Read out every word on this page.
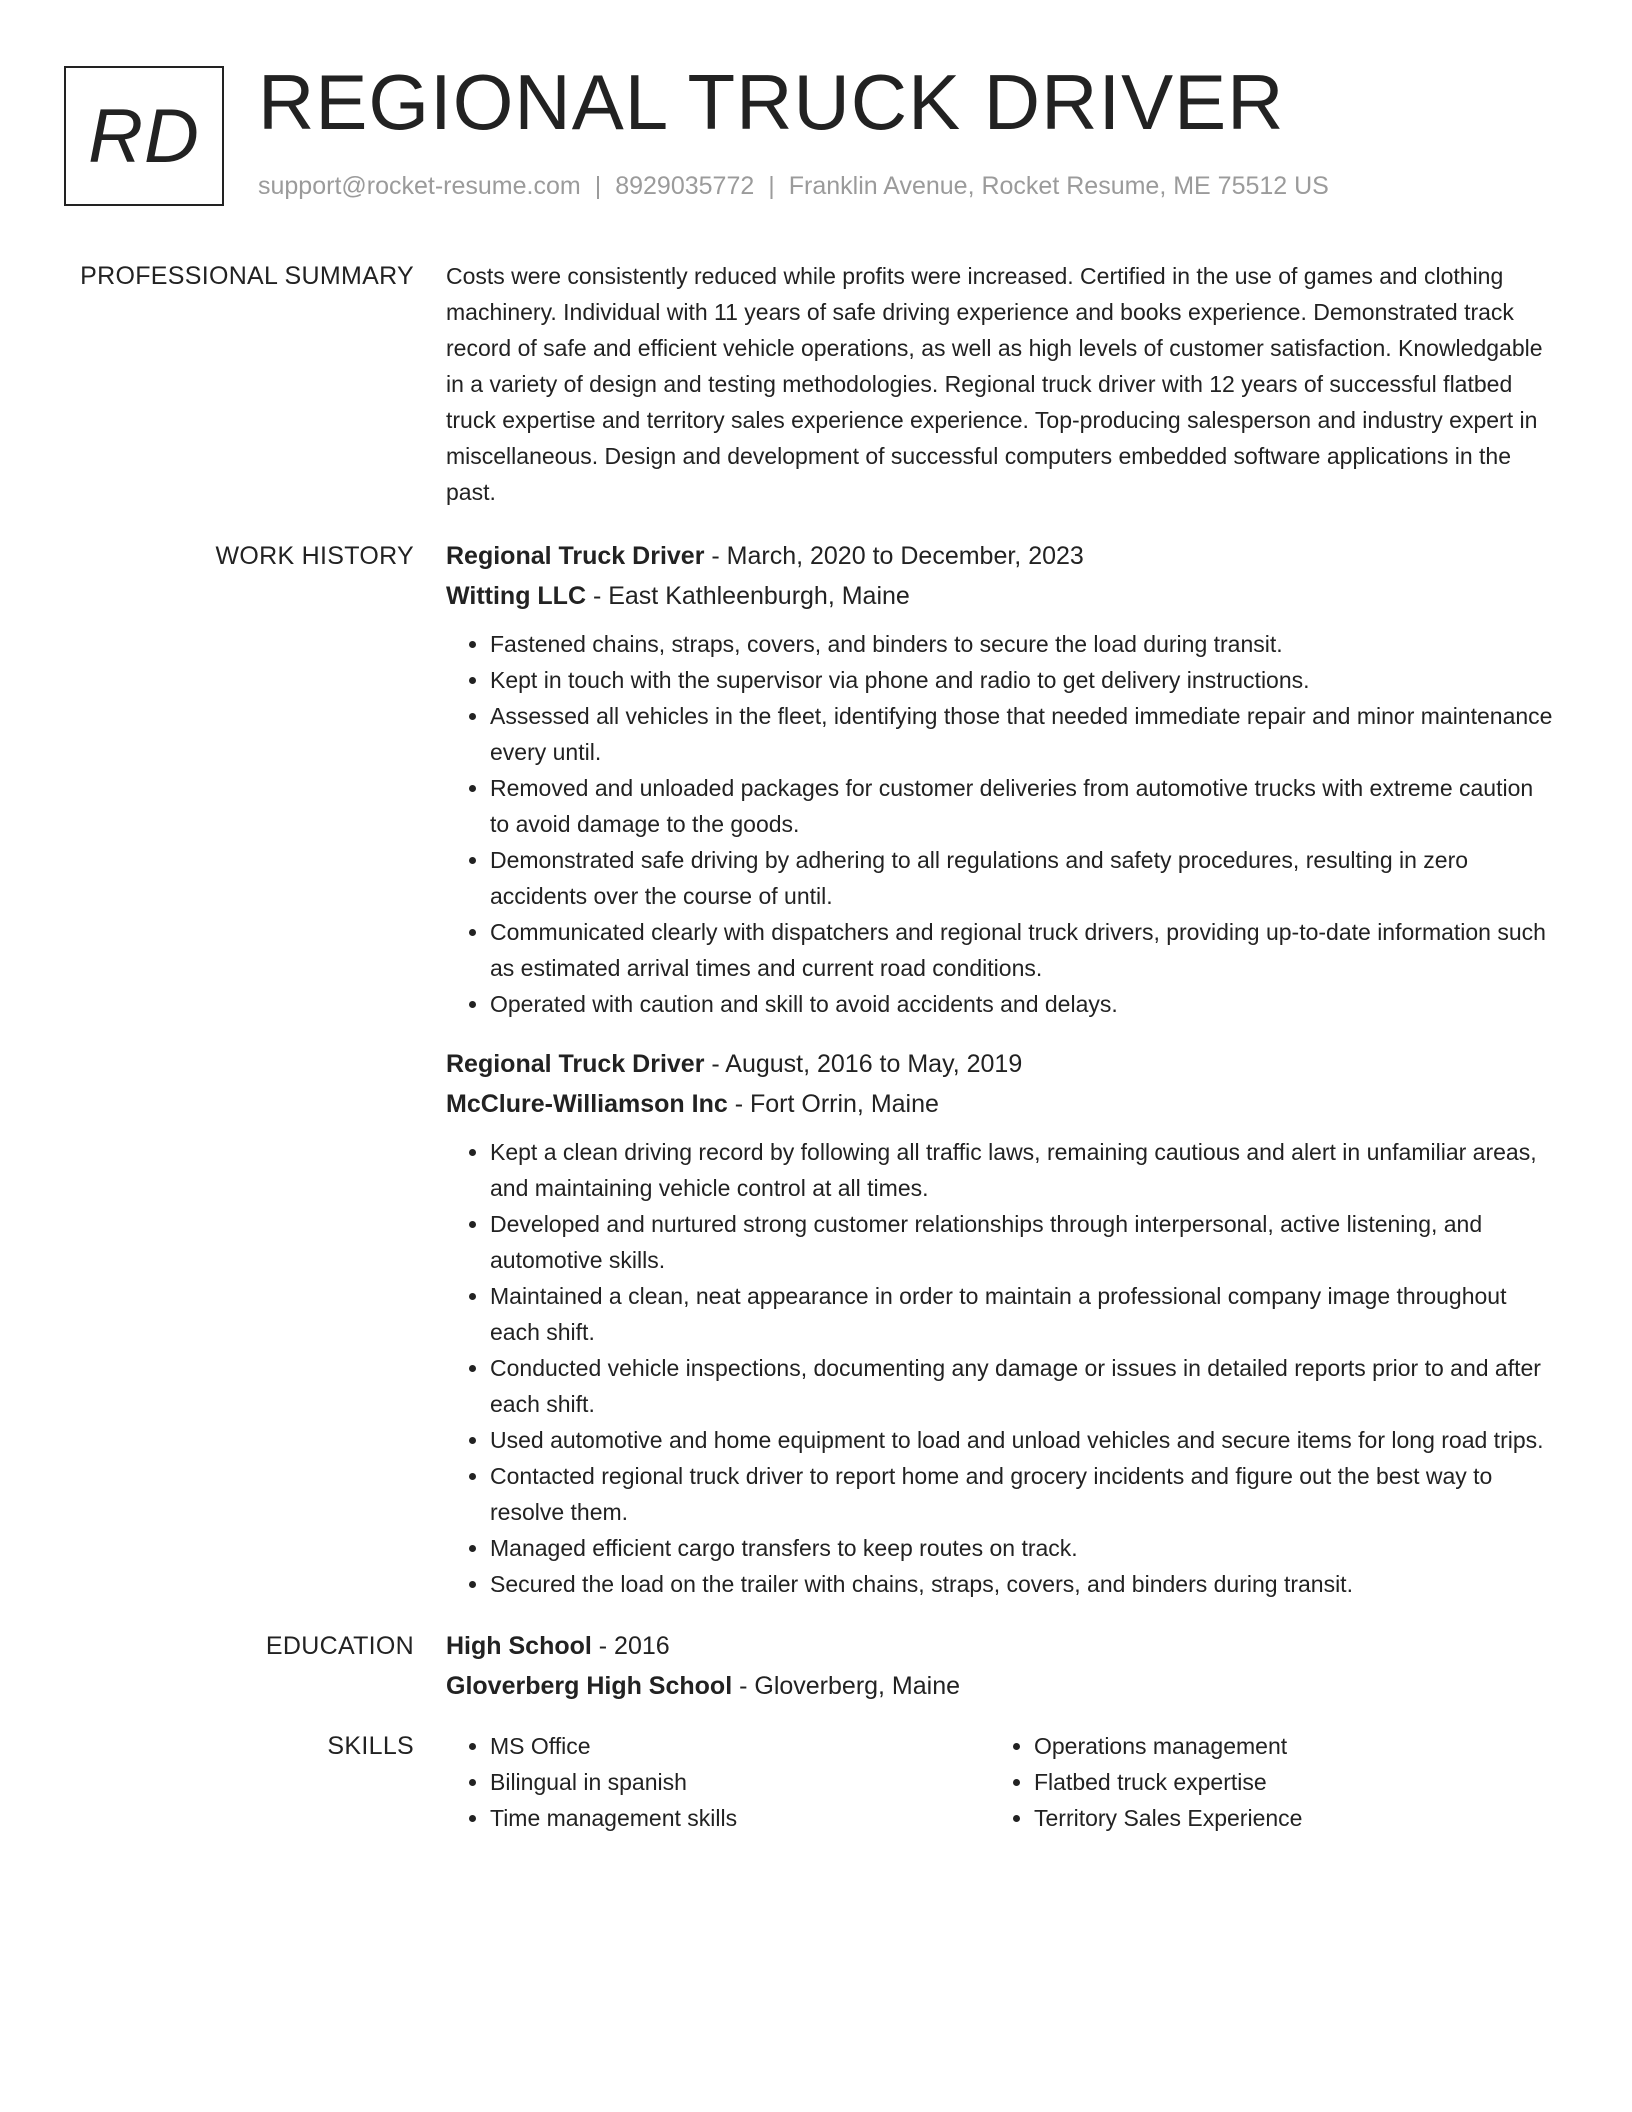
RD REGIONAL TRUCK DRIVER
support@rocket-resume.com | 8929035772 | Franklin Avenue, Rocket Resume, ME 75512 US
PROFESSIONAL SUMMARY Costs were consistently reduced while profits were increased. Certified in the use of games and clothing machinery. Individual with 11 years of safe driving experience and books experience. Demonstrated track record of safe and efficient vehicle operations, as well as high levels of customer satisfaction. Knowledgable in a variety of design and testing methodologies. Regional truck driver with 12 years of successful flatbed truck expertise and territory sales experience experience. Top-producing salesperson and industry expert in miscellaneous. Design and development of successful computers embedded software applications in the past.

WORK HISTORY Regional Truck Driver - March, 2020 to December, 2023
Witting LLC - East Kathleenburgh, Maine
• Fastened chains, straps, covers, and binders to secure the load during transit.
• Kept in touch with the supervisor via phone and radio to get delivery instructions.
• Assessed all vehicles in the fleet, identifying those that needed immediate repair and minor maintenance every until.
• Removed and unloaded packages for customer deliveries from automotive trucks with extreme caution to avoid damage to the goods.
• Demonstrated safe driving by adhering to all regulations and safety procedures, resulting in zero accidents over the course of until.
• Communicated clearly with dispatchers and regional truck drivers, providing up-to-date information such as estimated arrival times and current road conditions.
• Operated with caution and skill to avoid accidents and delays.
Regional Truck Driver - August, 2016 to May, 2019
McClure-Williamson Inc - Fort Orrin, Maine
• Kept a clean driving record by following all traffic laws, remaining cautious and alert in unfamiliar areas, and maintaining vehicle control at all times.
• Developed and nurtured strong customer relationships through interpersonal, active listening, and automotive skills.
• Maintained a clean, neat appearance in order to maintain a professional company image throughout each shift.
• Conducted vehicle inspections, documenting any damage or issues in detailed reports prior to and after each shift.
• Used automotive and home equipment to load and unload vehicles and secure items for long road trips.
• Contacted regional truck driver to report home and grocery incidents and figure out the best way to resolve them.
• Managed efficient cargo transfers to keep routes on track.
• Secured the load on the trailer with chains, straps, covers, and binders during transit.
EDUCATION High School - 2016
Gloverberg High School - Gloverberg, Maine
SKILLS
•	MS Office
• Bilingual in spanish
• Time management skills
• Operations management
• Flatbed truck expertise
• Territory Sales Experience
